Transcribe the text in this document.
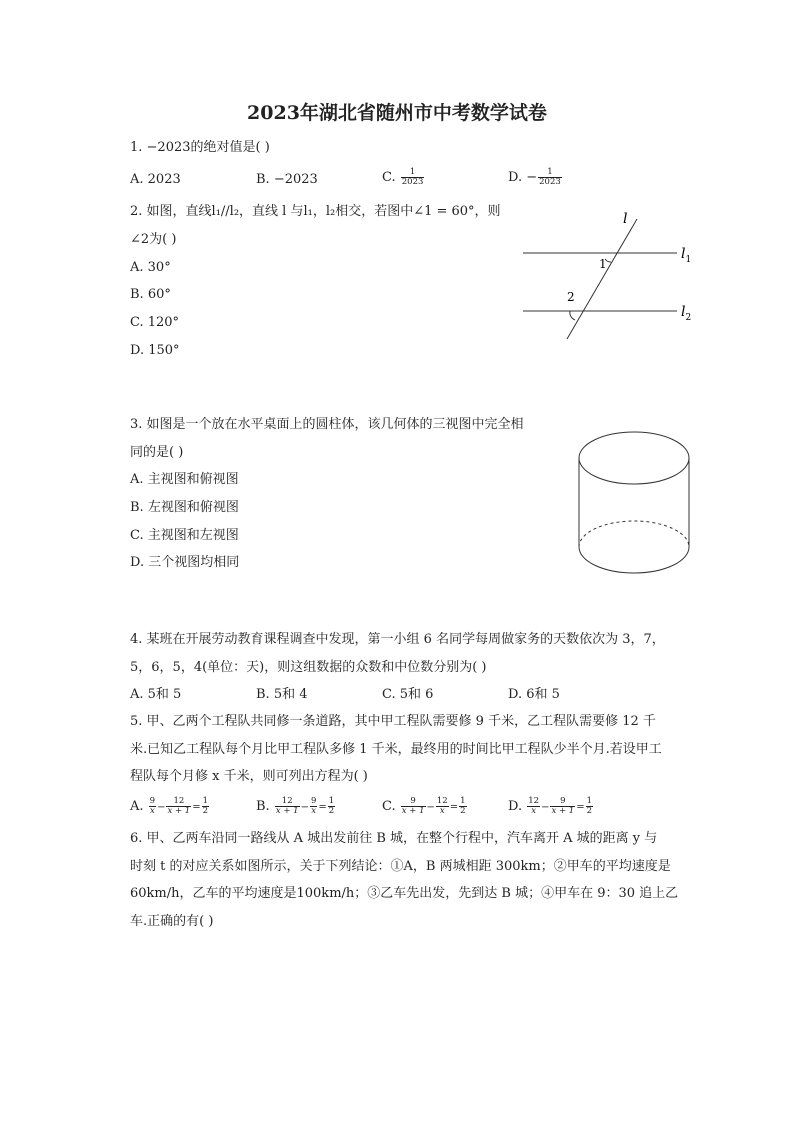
2023年湖北省随州市中考数学试卷
1. −2023的绝对值是( )
A. 2023	B. −2023	C. $\frac{1}{2023}$	D. − $\frac{1}{2023}$
2. 如图，直线l₁//l₂，直线 l 与l₁，l₂相交，若图中∠1 = 60°，则
∠2为( )
A. 30°
B. 60°
C. 120°
D. 150°
l
$l_1$
$l_2$
1
2
3. 如图是一个放在水平桌面上的圆柱体，该几何体的三视图中完全相
同的是( )
A. 主视图和俯视图
B. 左视图和俯视图
C. 主视图和左视图
D. 三个视图均相同
4. 某班在开展劳动教育课程调查中发现，第一小组 6 名同学每周做家务的天数依次为 3，7，
5，6，5，4(单位：天)，则这组数据的众数和中位数分别为( )
A. 5和 5	B. 5和 4	C. 5和 6	D. 6和 5
5. 甲、乙两个工程队共同修一条道路，其中甲工程队需要修 9 千米，乙工程队需要修 12 千
米.已知乙工程队每个月比甲工程队多修 1 千米，最终用的时间比甲工程队少半个月.若设甲工
程队每个月修 x 千米，则可列出方程为( )
A. $\frac{9}{x} - \frac{12}{x + 1} = \frac{1}{2}$	B. $\frac{12}{x + 1} - \frac{9}{x} = \frac{1}{2}$	C. $\frac{9}{x + 1} - \frac{12}{x} = \frac{1}{2}$	D. $\frac{12}{x} - \frac{9}{x + 1} = \frac{1}{2}$
6. 甲、乙两车沿同一路线从 A 城出发前往 B 城，在整个行程中，汽车离开 A 城的距离 y 与
时刻 t 的对应关系如图所示，关于下列结论：①A，B 两城相距 300km；②甲车的平均速度是
60km/h，乙车的平均速度是100km/h；③乙车先出发，先到达 B 城；④甲车在 9：30 追上乙
车.正确的有( )
